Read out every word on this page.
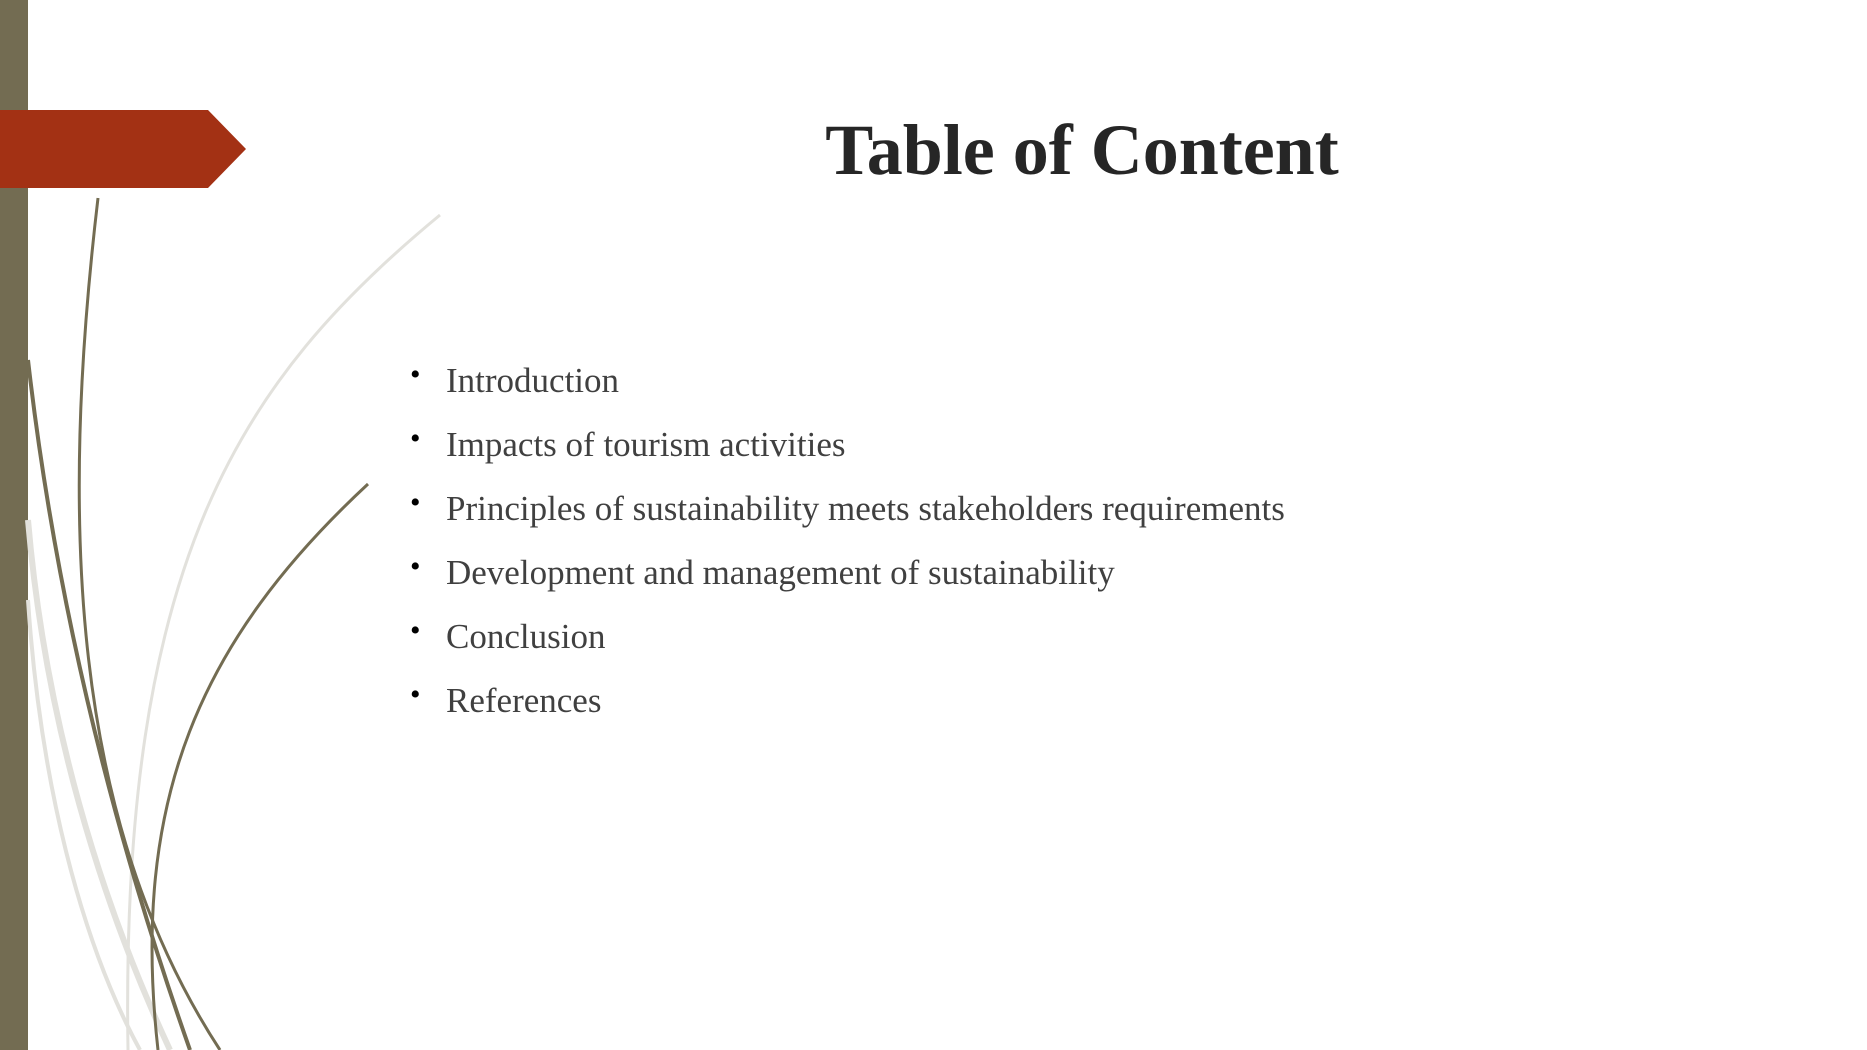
Table of Content
• Introduction
• Impacts of tourism activities
• Principles of sustainability meets stakeholders requirements
• Development and management of sustainability
• Conclusion
• References
